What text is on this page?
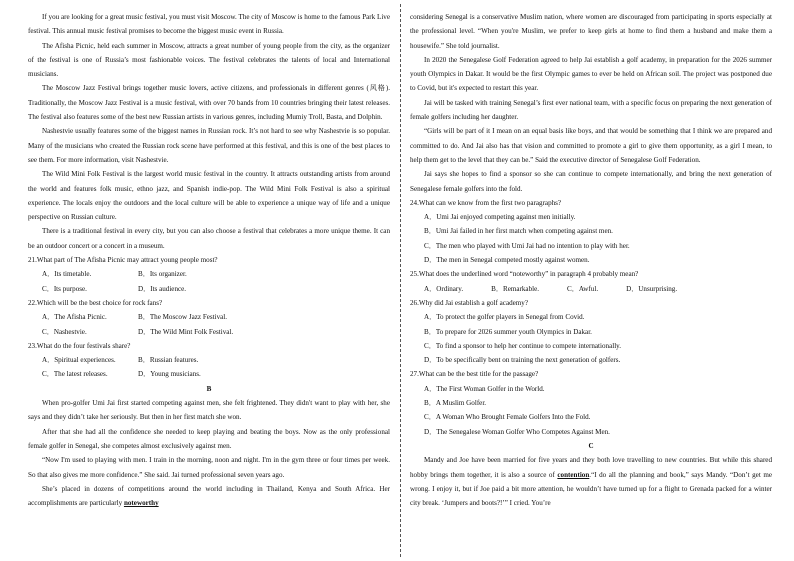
If you are looking for a great music festival, you must visit Moscow. The city of Moscow is home to the famous Park Live festival. This annual music festival promises to become the biggest music event in Russia.

The Afisha Picnic, held each summer in Moscow, attracts a great number of young people from the city, as the organizer of the festival is one of Russia’s most fashionable voices. The festival celebrates the talents of local and International musicians.

The Moscow Jazz Festival brings together music lovers, active citizens, and professionals in different genres (风格). Traditionally, the Moscow Jazz Festival is a music festival, with over 70 bands from 10 countries bringing their latest releases. The festival also features some of the best new Russian artists in various genres, including Mumiy Troll, Basta, and Dolphin.

Nashestvie usually features some of the biggest names in Russian rock. It’s not hard to see why Nashestvie is so popular. Many of the musicians who created the Russian rock scene have performed at this festival, and this is one of the best places to see them. For more information, visit Nashestvie.

The Wild Mini Folk Festival is the largest world music festival in the country. It attracts outstanding artists from around the world and features folk music, ethno jazz, and Spanish indie-pop. The Wild Mini Folk Festival is also a spiritual experience. The locals enjoy the outdoors and the local culture will be able to experience a unique way of life and a unique perspective on Russian culture.

There is a traditional festival in every city, but you can also choose a festival that celebrates a more unique theme. It can be an outdoor concert or a concert in a museum.

21.What part of The Afisha Picnic may attract young people most?

A．Its timetable.	B．Its organizer.
C．Its purpose.	D．Its audience.

22.Which will be the best choice for rock fans?

A．The Afisha Picnic.	B．The Moscow Jazz Festival.
C．Nashestvie.	D．The Wild Mint Folk Festival.

23.What do the four festivals share?

A．Spiritual experiences.	B．Russian features.
C．The latest releases.	D．Young musicians.

B

When pro-golfer Umi Jai first started competing against men, she felt frightened. They didn't want to play with her, she says and they didn’t take her seriously. But then in her first match she won.

After that she had all the confidence she needed to keep playing and beating the boys. Now as the only professional female golfer in Senegal, she competes almost exclusively against men.

“Now I'm used to playing with men. I train in the morning, noon and night. I'm in the gym three or four times per week. So that also gives me more confidence.” She said. Jai turned professional seven years ago.

She’s placed in dozens of competitions around the world including in Thailand, Kenya and South Africa. Her accomplishments are particularly noteworthy

considering Senegal is a conservative Muslim nation, where women are discouraged from participating in sports especially at the professional level. “When you're Muslim, we prefer to keep girls at home to find them a husband and make them a housewife.” She told journalist.

In 2020 the Senegalese Golf Federation agreed to help Jai establish a golf academy, in preparation for the 2026 summer youth Olympics in Dakar. It would be the first Olympic games to ever be held on African soil. The project was postponed due to Covid, but it's expected to restart this year.

Jai will be tasked with training Senegal’s first ever national team, with a specific focus on preparing the next generation of female golfers including her daughter.

“Girls will be part of it I mean on an equal basis like boys, and that would be something that I think we are prepared and committed to do. And Jai also has that vision and committed to promote a girl to give them opportunity, as a girl I mean, to help them get to the level that they can be.” Said the executive director of Senegalese Golf Federation.

Jai says she hopes to find a sponsor so she can continue to compete internationally, and bring the next generation of Senegalese female golfers into the fold.

24.What can we know from the first two paragraphs?

A．Umi Jai enjoyed competing against men initially.
B．Umi Jai failed in her first match when competing against men.
C．The men who played with Umi Jai had no intention to play with her.
D．The men in Senegal competed mostly against women.

25.What does the underlined word “noteworthy” in paragraph 4 probably mean?

A．Ordinary.	B．Remarkable.	C．Awful.	D．Unsurprising.

26.Why did Jai establish a golf academy?

A．To protect the golfer players in Senegal from Covid.
B．To prepare for 2026 summer youth Olympics in Dakar.
C．To find a sponsor to help her continue to compete internationally.
D．To be specifically bent on training the next generation of golfers.

27.What can be the best title for the passage?

A．The First Woman Golfer in the World.
B．A Muslim Golfer.
C．A Woman Who Brought Female Golfers Into the Fold.
D．The Senegalese Woman Golfer Who Competes Against Men.

C

Mandy and Joe have been married for five years and they both love travelling to new countries. But while this shared hobby brings them together, it is also a source of contention.“I do all the planning and book,” says Mandy. “Don’t get me wrong. I enjoy it, but if Joe paid a bit more attention, he wouldn’t have turned up for a flight to Grenada packed for a winter city break. ‘Jumpers and boots?!’” I cried. You’re
